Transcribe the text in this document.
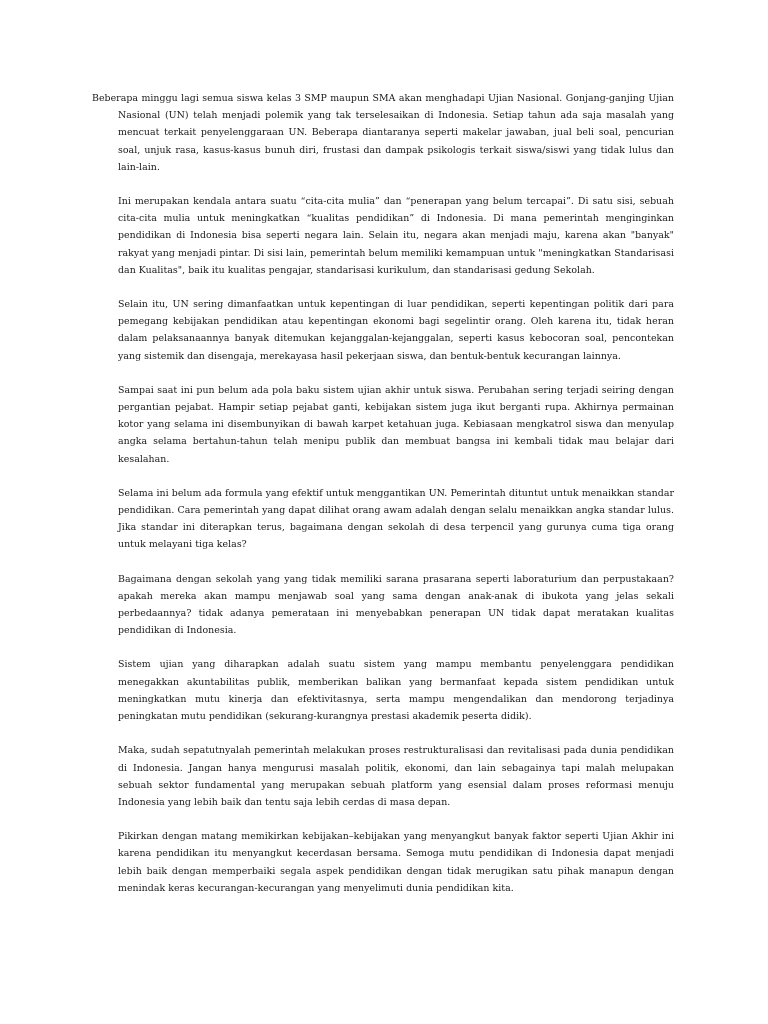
Beberapa minggu lagi semua siswa kelas 3 SMP maupun SMA akan menghadapi Ujian Nasional. Gonjang-ganjing Ujian Nasional (UN) telah menjadi polemik yang tak terselesaikan di Indonesia. Setiap tahun ada saja masalah yang mencuat terkait penyelenggaraan UN. Beberapa diantaranya seperti makelar jawaban, jual beli soal, pencurian soal, unjuk rasa, kasus-kasus bunuh diri, frustasi dan dampak psikologis terkait siswa/siswi yang tidak lulus dan lain-lain.

Ini merupakan kendala antara suatu “cita-cita mulia” dan “penerapan yang belum tercapai”. Di satu sisi, sebuah cita-cita mulia untuk meningkatkan “kualitas pendidikan” di Indonesia. Di mana pemerintah menginginkan pendidikan di Indonesia bisa seperti negara lain. Selain itu, negara akan menjadi maju, karena akan "banyak" rakyat yang menjadi pintar. Di sisi lain, pemerintah belum memiliki kemampuan untuk "meningkatkan Standarisasi dan Kualitas", baik itu kualitas pengajar, standarisasi kurikulum, dan standarisasi gedung Sekolah.

Selain itu, UN sering dimanfaatkan untuk kepentingan di luar pendidikan, seperti kepentingan politik dari para pemegang kebijakan pendidikan atau kepentingan ekonomi bagi segelintir orang. Oleh karena itu, tidak heran dalam pelaksanaannya banyak ditemukan kejanggalan-kejanggalan, seperti kasus kebocoran soal, pencontekan yang sistemik dan disengaja, merekayasa hasil pekerjaan siswa, dan bentuk-bentuk kecurangan lainnya.

Sampai saat ini pun belum ada pola baku sistem ujian akhir untuk siswa. Perubahan sering terjadi seiring dengan pergantian pejabat. Hampir setiap pejabat ganti, kebijakan sistem juga ikut berganti rupa. Akhirnya permainan kotor yang selama ini disembunyikan di bawah karpet ketahuan juga. Kebiasaan mengkatrol siswa dan menyulap angka selama bertahun-tahun telah menipu publik dan membuat bangsa ini kembali tidak mau belajar dari kesalahan.

Selama ini belum ada formula yang efektif untuk menggantikan UN. Pemerintah dituntut untuk menaikkan standar pendidikan. Cara pemerintah yang dapat dilihat orang awam adalah dengan selalu menaikkan angka standar lulus. Jika standar ini diterapkan terus, bagaimana dengan sekolah di desa terpencil yang gurunya cuma tiga orang untuk melayani tiga kelas?

Bagaimana dengan sekolah yang yang tidak memiliki sarana prasarana seperti laboraturium dan perpustakaan? apakah mereka akan mampu menjawab soal yang sama dengan anak-anak di ibukota yang jelas sekali perbedaannya? tidak adanya pemerataan ini menyebabkan penerapan UN tidak dapat meratakan kualitas pendidikan di Indonesia.

Sistem ujian yang diharapkan adalah suatu sistem yang mampu membantu penyelenggara pendidikan menegakkan akuntabilitas publik, memberikan balikan yang bermanfaat kepada sistem pendidikan untuk meningkatkan mutu kinerja dan efektivitasnya, serta mampu mengendalikan dan mendorong terjadinya peningkatan mutu pendidikan (sekurang-kurangnya prestasi akademik peserta didik).

Maka, sudah sepatutnyalah pemerintah melakukan proses restrukturalisasi dan revitalisasi pada dunia pendidikan di Indonesia. Jangan hanya mengurusi masalah politik, ekonomi, dan lain sebagainya tapi malah melupakan sebuah sektor fundamental yang merupakan sebuah platform yang esensial dalam proses reformasi menuju Indonesia yang lebih baik dan tentu saja lebih cerdas di masa depan.

Pikirkan dengan matang memikirkan kebijakan–kebijakan yang menyangkut banyak faktor seperti Ujian Akhir ini karena pendidikan itu menyangkut kecerdasan bersama. Semoga mutu pendidikan di Indonesia dapat menjadi lebih baik dengan memperbaiki segala aspek pendidikan dengan tidak merugikan satu pihak manapun dengan menindak keras kecurangan-kecurangan yang menyelimuti dunia pendidikan kita.
